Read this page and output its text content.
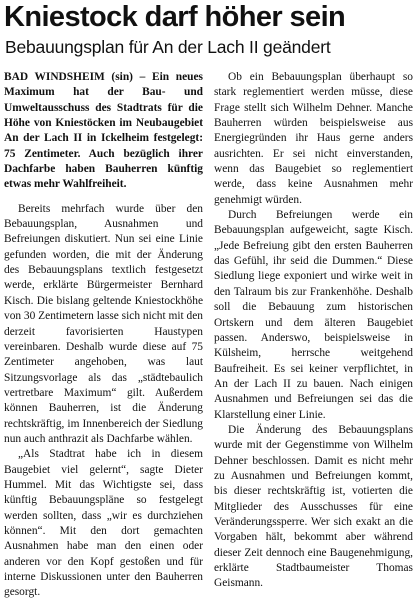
Kniestock darf höher sein
Bebauungsplan für An der Lach II geändert

BAD WINDSHEIM (sin) – Ein neues Maximum hat der Bau- und Umweltausschuss des Stadtrats für die Höhe von Kniestöcken im Neubaugebiet An der Lach II in Ickelheim festgelegt: 75 Zentimeter. Auch bezüglich ihrer Dachfarbe haben Bauherren künftig etwas mehr Wahlfreiheit.

Bereits mehrfach wurde über den Bebauungsplan, Ausnahmen und Befreiungen diskutiert. Nun sei eine Linie gefunden worden, die mit der Änderung des Bebauungsplans textlich festgesetzt werde, erklärte Bürgermeister Bernhard Kisch. Die bislang geltende Kniestockhöhe von 30 Zentimetern lasse sich nicht mit den derzeit favorisierten Haustypen vereinbaren. Deshalb wurde diese auf 75 Zentimeter angehoben, was laut Sitzungsvorlage als das „städtebaulich vertretbare Maximum“ gilt. Außerdem können Bauherren, ist die Änderung rechtskräftig, im Innenbereich der Siedlung nun auch anthrazit als Dachfarbe wählen.

„Als Stadtrat habe ich in diesem Baugebiet viel gelernt“, sagte Dieter Hummel. Mit das Wichtigste sei, dass künftig Bebauungspläne so festgelegt werden sollten, dass „wir es durchziehen können“. Mit den dort gemachten Ausnahmen habe man den einen oder anderen vor den Kopf gestoßen und für interne Diskussionen unter den Bauherren gesorgt.

Ob ein Bebauungsplan überhaupt so stark reglementiert werden müsse, diese Frage stellt sich Wilhelm Dehner. Manche Bauherren würden beispielsweise aus Energiegründen ihr Haus gerne anders ausrichten. Er sei nicht einverstanden, wenn das Baugebiet so reglementiert werde, dass keine Ausnahmen mehr genehmigt würden.

Durch Befreiungen werde ein Bebauungsplan aufgeweicht, sagte Kisch. „Jede Befreiung gibt den ersten Bauherren das Gefühl, ihr seid die Dummen.“ Diese Siedlung liege exponiert und wirke weit in den Talraum bis zur Frankenhöhe. Deshalb soll die Bebauung zum historischen Ortskern und dem älteren Baugebiet passen. Anderswo, beispielsweise in Külsheim, herrsche weitgehend Baufreiheit. Es sei keiner verpflichtet, in An der Lach II zu bauen. Nach einigen Ausnahmen und Befreiungen sei das die Klarstellung einer Linie.

Die Änderung des Bebauungsplans wurde mit der Gegenstimme von Wilhelm Dehner beschlossen. Damit es nicht mehr zu Ausnahmen und Befreiungen kommt, bis dieser rechtskräftig ist, votierten die Mitglieder des Ausschusses für eine Veränderungssperre. Wer sich exakt an die Vorgaben hält, bekommt aber während dieser Zeit dennoch eine Baugenehmigung, erklärte Stadtbaumeister Thomas Geismann.
